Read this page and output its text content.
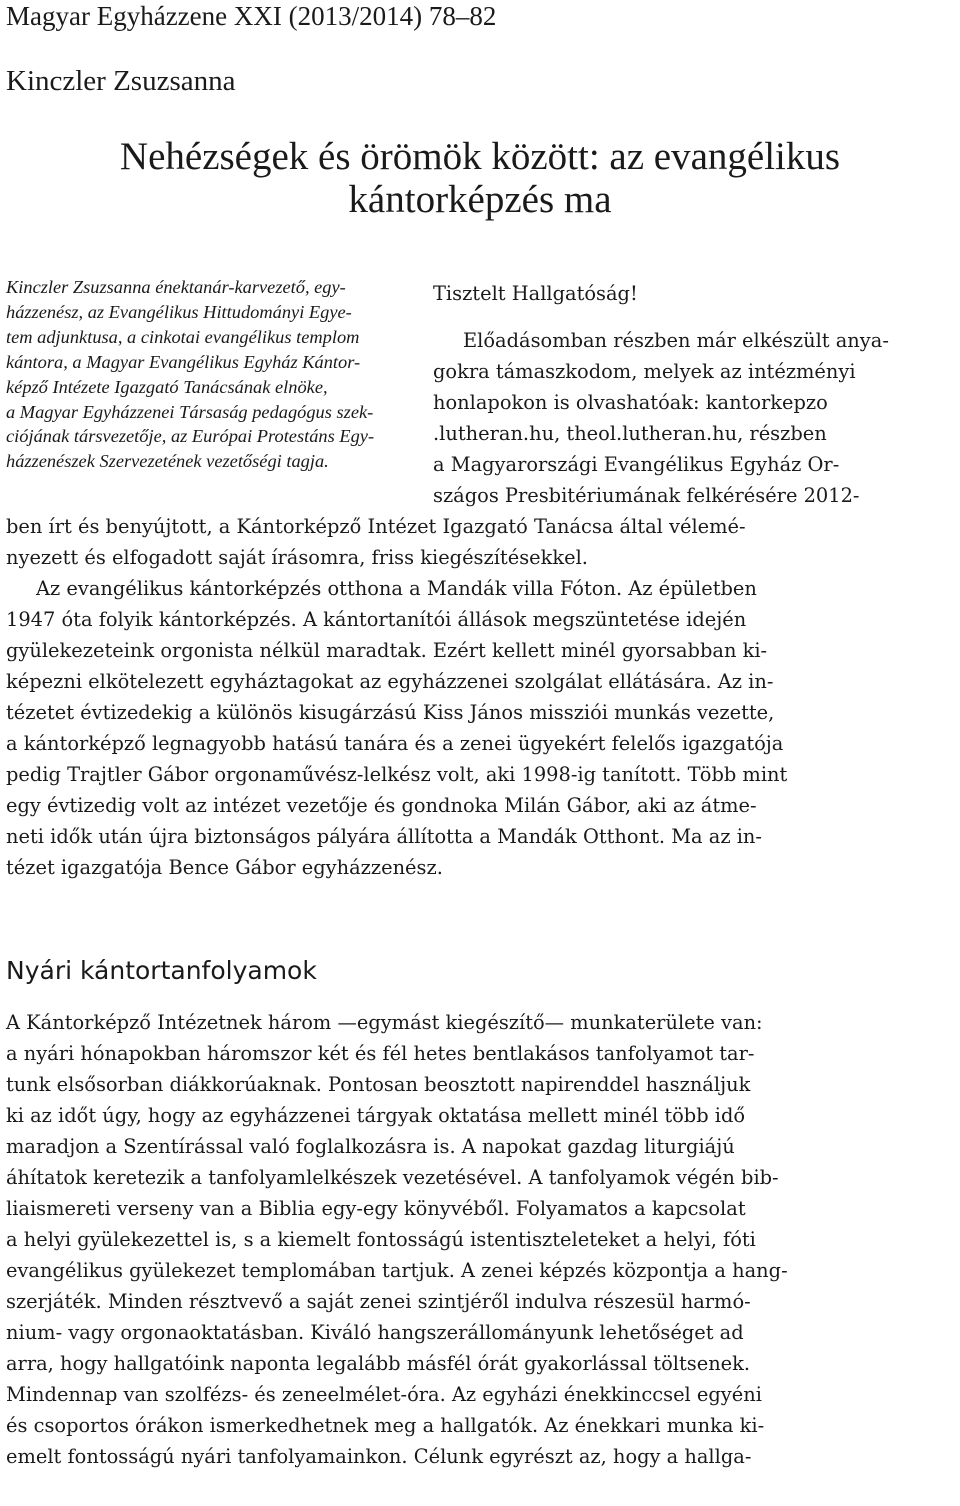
Magyar Egyházzene XXI (2013/2014) 78–82
Kinczler Zsuzsanna
Nehézségek és örömök között: az evangélikus
kántorképzés ma
Kinczler Zsuzsanna énektanár-karvezető, egy-
házzenész, az Evangélikus Hittudományi Egye-
tem adjunktusa, a cinkotai evangélikus templom
kántora, a Magyar Evangélikus Egyház Kántor-
képző Intézete Igazgató Tanácsának elnöke,
a Magyar Egyházzenei Társaság pedagógus szek-
ciójának társvezetője, az Európai Protestáns Egy-
házzenészek Szervezetének vezetőségi tagja.
Tisztelt Hallgatóság!
Előadásomban részben már elkészült anya-
gokra támaszkodom, melyek az intézményi
honlapokon is olvashatóak: kantorkepzo
.lutheran.hu, theol.lutheran.hu, részben
a Magyarországi Evangélikus Egyház Or-
szágos Presbitériumának felkérésére 2012-
ben írt és benyújtott, a Kántorképző Intézet Igazgató Tanácsa által vélemé-
nyezett és elfogadott saját írásomra, friss kiegészítésekkel.
Az evangélikus kántorképzés otthona a Mandák villa Fóton. Az épületben
1947 óta folyik kántorképzés. A kántortanítói állások megszüntetése idején
gyülekezeteink orgonista nélkül maradtak. Ezért kellett minél gyorsabban ki-
képezni elkötelezett egyháztagokat az egyházzenei szolgálat ellátására. Az in-
tézetet évtizedekig a különös kisugárzású Kiss János missziói munkás vezette,
a kántorképző legnagyobb hatású tanára és a zenei ügyekért felelős igazgatója
pedig Trajtler Gábor orgonaművész-lelkész volt, aki 1998-ig tanított. Több mint
egy évtizedig volt az intézet vezetője és gondnoka Milán Gábor, aki az átme-
neti idők után újra biztonságos pályára állította a Mandák Otthont. Ma az in-
tézet igazgatója Bence Gábor egyházzenész.
Nyári kántortanfolyamok
A Kántorképző Intézetnek három —egymást kiegészítő— munkaterülete van:
a nyári hónapokban háromszor két és fél hetes bentlakásos tanfolyamot tar-
tunk elsősorban diákkorúaknak. Pontosan beosztott napirenddel használjuk
ki az időt úgy, hogy az egyházzenei tárgyak oktatása mellett minél több idő
maradjon a Szentírással való foglalkozásra is. A napokat gazdag liturgiájú
áhítatok keretezik a tanfolyamlelkészek vezetésével. A tanfolyamok végén bib-
liaismereti verseny van a Biblia egy-egy könyvéből. Folyamatos a kapcsolat
a helyi gyülekezettel is, s a kiemelt fontosságú istentiszteleteket a helyi, fóti
evangélikus gyülekezet templomában tartjuk. A zenei képzés központja a hang-
szerjáték. Minden résztvevő a saját zenei szintjéről indulva részesül harmó-
nium- vagy orgonaoktatásban. Kiváló hangszerállományunk lehetőséget ad
arra, hogy hallgatóink naponta legalább másfél órát gyakorlással töltsenek.
Mindennap van szolfézs- és zeneelmélet-óra. Az egyházi énekkinccsel egyéni
és csoportos órákon ismerkedhetnek meg a hallgatók. Az énekkari munka ki-
emelt fontosságú nyári tanfolyamainkon. Célunk egyrészt az, hogy a hallga-
